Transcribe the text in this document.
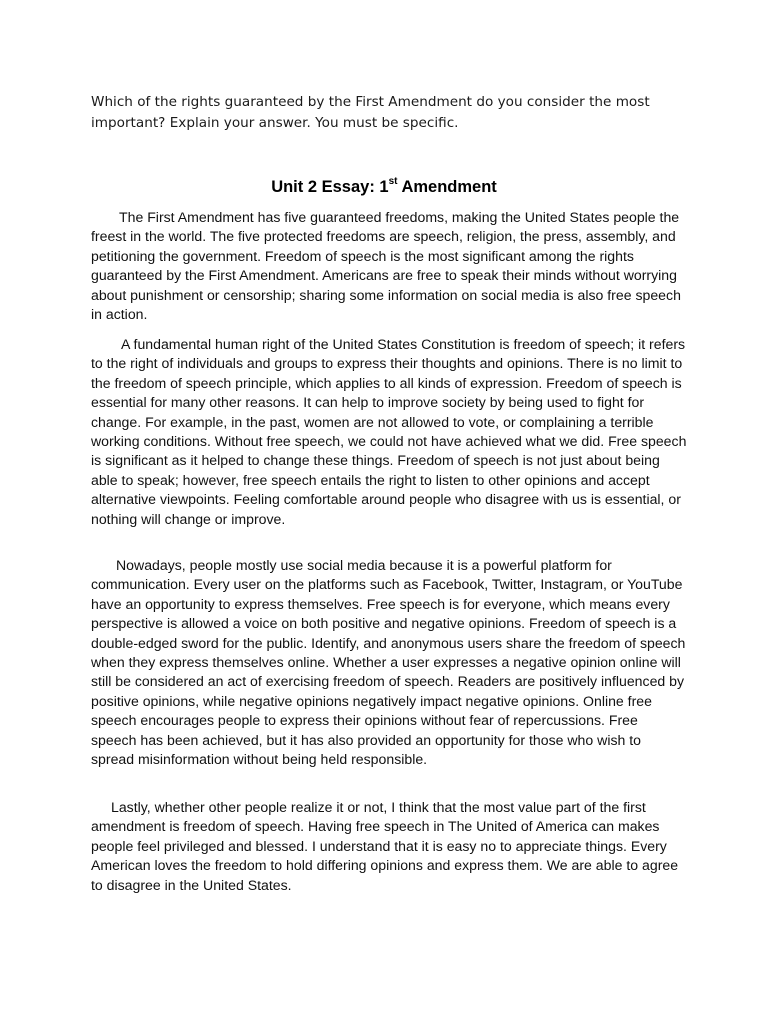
Which of the rights guaranteed by the First Amendment do you consider the most
important? Explain your answer. You must be specific.
Unit 2 Essay: 1st Amendment

The First Amendment has five guaranteed freedoms, making the United States people the freest in the world. The five protected freedoms are speech, religion, the press, assembly, and petitioning the government. Freedom of speech is the most significant among the rights guaranteed by the First Amendment. Americans are free to speak their minds without worrying about punishment or censorship; sharing some information on social media is also free speech in action.

A fundamental human right of the United States Constitution is freedom of speech; it refers to the right of individuals and groups to express their thoughts and opinions. There is no limit to the freedom of speech principle, which applies to all kinds of expression. Freedom of speech is essential for many other reasons. It can help to improve society by being used to fight for change. For example, in the past, women are not allowed to vote, or complaining a terrible working conditions. Without free speech, we could not have achieved what we did. Free speech is significant as it helped to change these things. Freedom of speech is not just about being able to speak; however, free speech entails the right to listen to other opinions and accept alternative viewpoints. Feeling comfortable around people who disagree with us is essential, or nothing will change or improve.

Nowadays, people mostly use social media because it is a powerful platform for communication. Every user on the platforms such as Facebook, Twitter, Instagram, or YouTube have an opportunity to express themselves. Free speech is for everyone, which means every perspective is allowed a voice on both positive and negative opinions. Freedom of speech is a double-edged sword for the public. Identify, and anonymous users share the freedom of speech when they express themselves online. Whether a user expresses a negative opinion online will still be considered an act of exercising freedom of speech. Readers are positively influenced by positive opinions, while negative opinions negatively impact negative opinions. Online free speech encourages people to express their opinions without fear of repercussions. Free speech has been achieved, but it has also provided an opportunity for those who wish to spread misinformation without being held responsible.

Lastly, whether other people realize it or not, I think that the most value part of the first amendment is freedom of speech. Having free speech in The United of America can makes people feel privileged and blessed. I understand that it is easy no to appreciate things. Every American loves the freedom to hold differing opinions and express them. We are able to agree to disagree in the United States.
